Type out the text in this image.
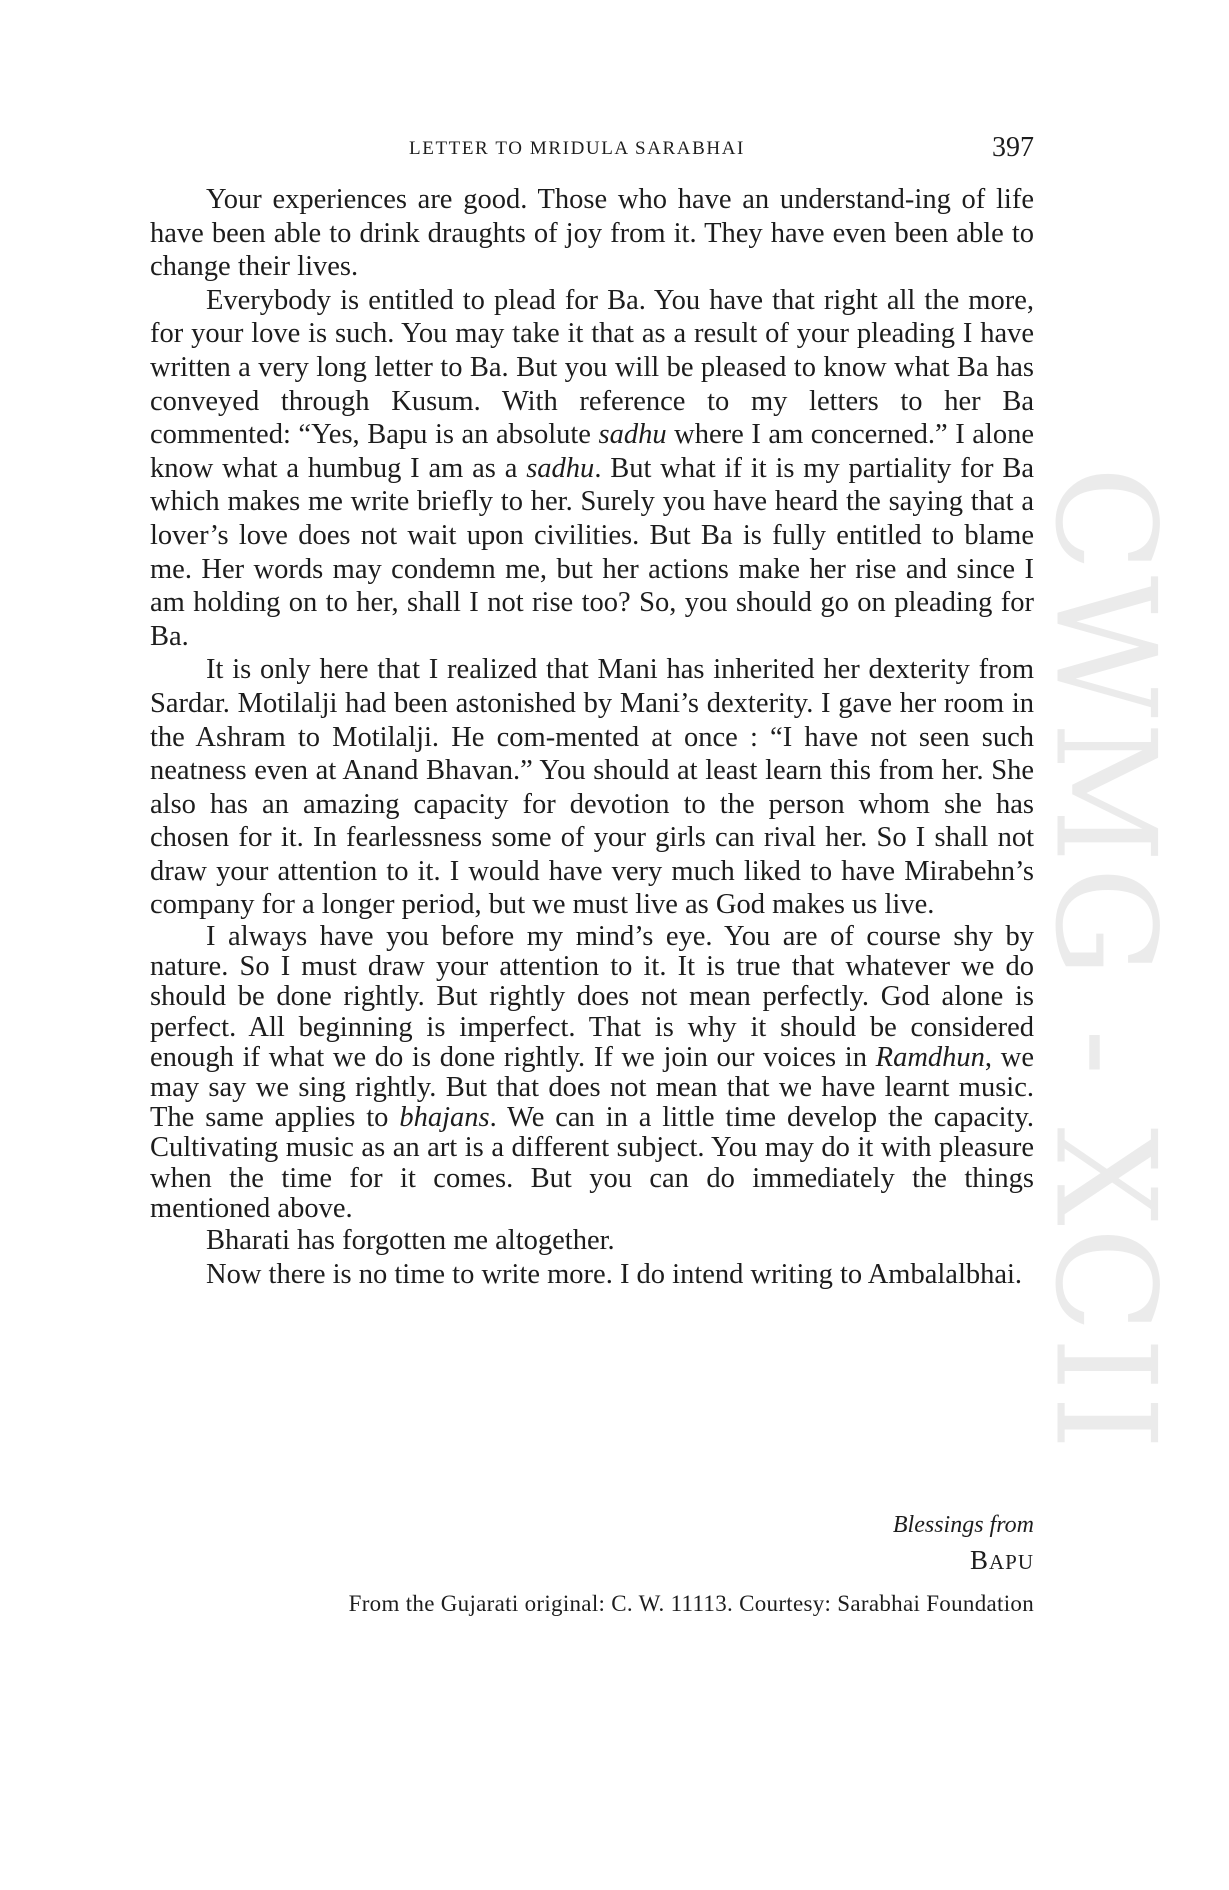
CWMG - XCII
LETTER TO MRIDULA SARABHAI	397

Your experiences are good. Those who have an understand-ing of life have been able to drink draughts of joy from it. They have even been able to change their lives.

Everybody is entitled to plead for Ba. You have that right all the more, for your love is such. You may take it that as a result of your pleading I have written a very long letter to Ba. But you will be pleased to know what Ba has conveyed through Kusum. With reference to my letters to her Ba commented: “Yes, Bapu is an absolute sadhu where I am concerned.” I alone know what a humbug I am as a sadhu. But what if it is my partiality for Ba which makes me write briefly to her. Surely you have heard the saying that a lover’s love does not wait upon civilities. But Ba is fully entitled to blame me. Her words may condemn me, but her actions make her rise and since I am holding on to her, shall I not rise too? So, you should go on pleading for Ba.

It is only here that I realized that Mani has inherited her dexterity from Sardar. Motilalji had been astonished by Mani’s dexterity. I gave her room in the Ashram to Motilalji. He com-mented at once : “I have not seen such neatness even at Anand Bhavan.” You should at least learn this from her. She also has an amazing capacity for devotion to the person whom she has chosen for it. In fearlessness some of your girls can rival her. So I shall not draw your attention to it. I would have very much liked to have Mirabehn’s company for a longer period, but we must live as God makes us live.

I always have you before my mind’s eye. You are of course shy by nature. So I must draw your attention to it. It is true that whatever we do should be done rightly. But rightly does not mean perfectly. God alone is perfect. All beginning is imperfect. That is why it should be considered enough if what we do is done rightly. If we join our voices in Ramdhun, we may say we sing rightly. But that does not mean that we have learnt music. The same applies to bhajans. We can in a little time develop the capacity. Cultivating music as an art is a different subject. You may do it with pleasure when the time for it comes. But you can do immediately the things mentioned above.

Bharati has forgotten me altogether.

Now there is no time to write more. I do intend writing to Ambalalbhai.

Blessings from
BAPU
From the Gujarati original: C. W. 11113. Courtesy: Sarabhai Foundation
